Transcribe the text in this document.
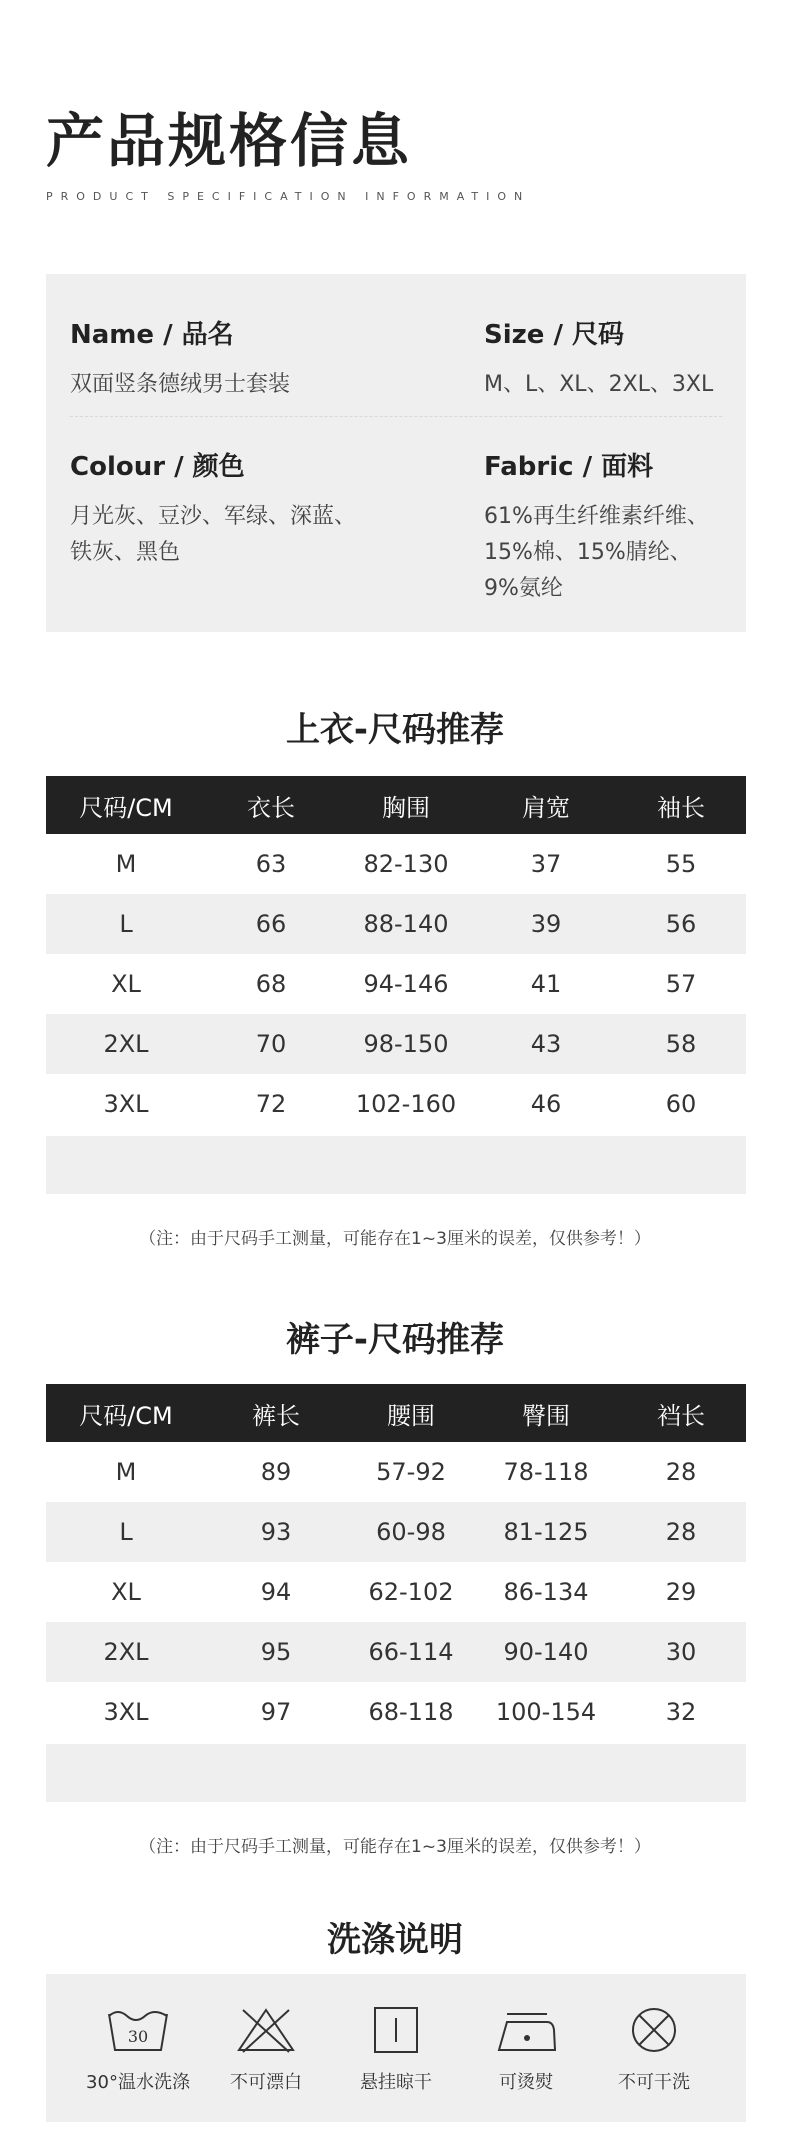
产品规格信息
PRODUCT SPECIFICATION INFORMATION
Name / 品名
双面竖条德绒男士套装
Size / 尺码
M、L、XL、2XL、3XL
Colour / 颜色
月光灰、豆沙、军绿、深蓝、
铁灰、黑色
Fabric / 面料
61%再生纤维素纤维、
15%棉、15%腈纶、
9%氨纶
上衣-尺码推荐
尺码/CM	衣长	胸围	肩宽	袖长
M	63	82-130	37	55
L	66	88-140	39	56
XL	68	94-146	41	57
2XL	70	98-150	43	58
3XL	72	102-160	46	60
（注：由于尺码手工测量，可能存在1~3厘米的误差，仅供参考！）
裤子-尺码推荐
尺码/CM	裤长	腰围	臀围	裆长
M	89	57-92	78-118	28
L	93	60-98	81-125	28
XL	94	62-102	86-134	29
2XL	95	66-114	90-140	30
3XL	97	68-118	100-154	32
（注：由于尺码手工测量，可能存在1~3厘米的误差，仅供参考！）
洗涤说明
30
30°温水洗涤	不可漂白	悬挂晾干	可烫熨	不可干洗
